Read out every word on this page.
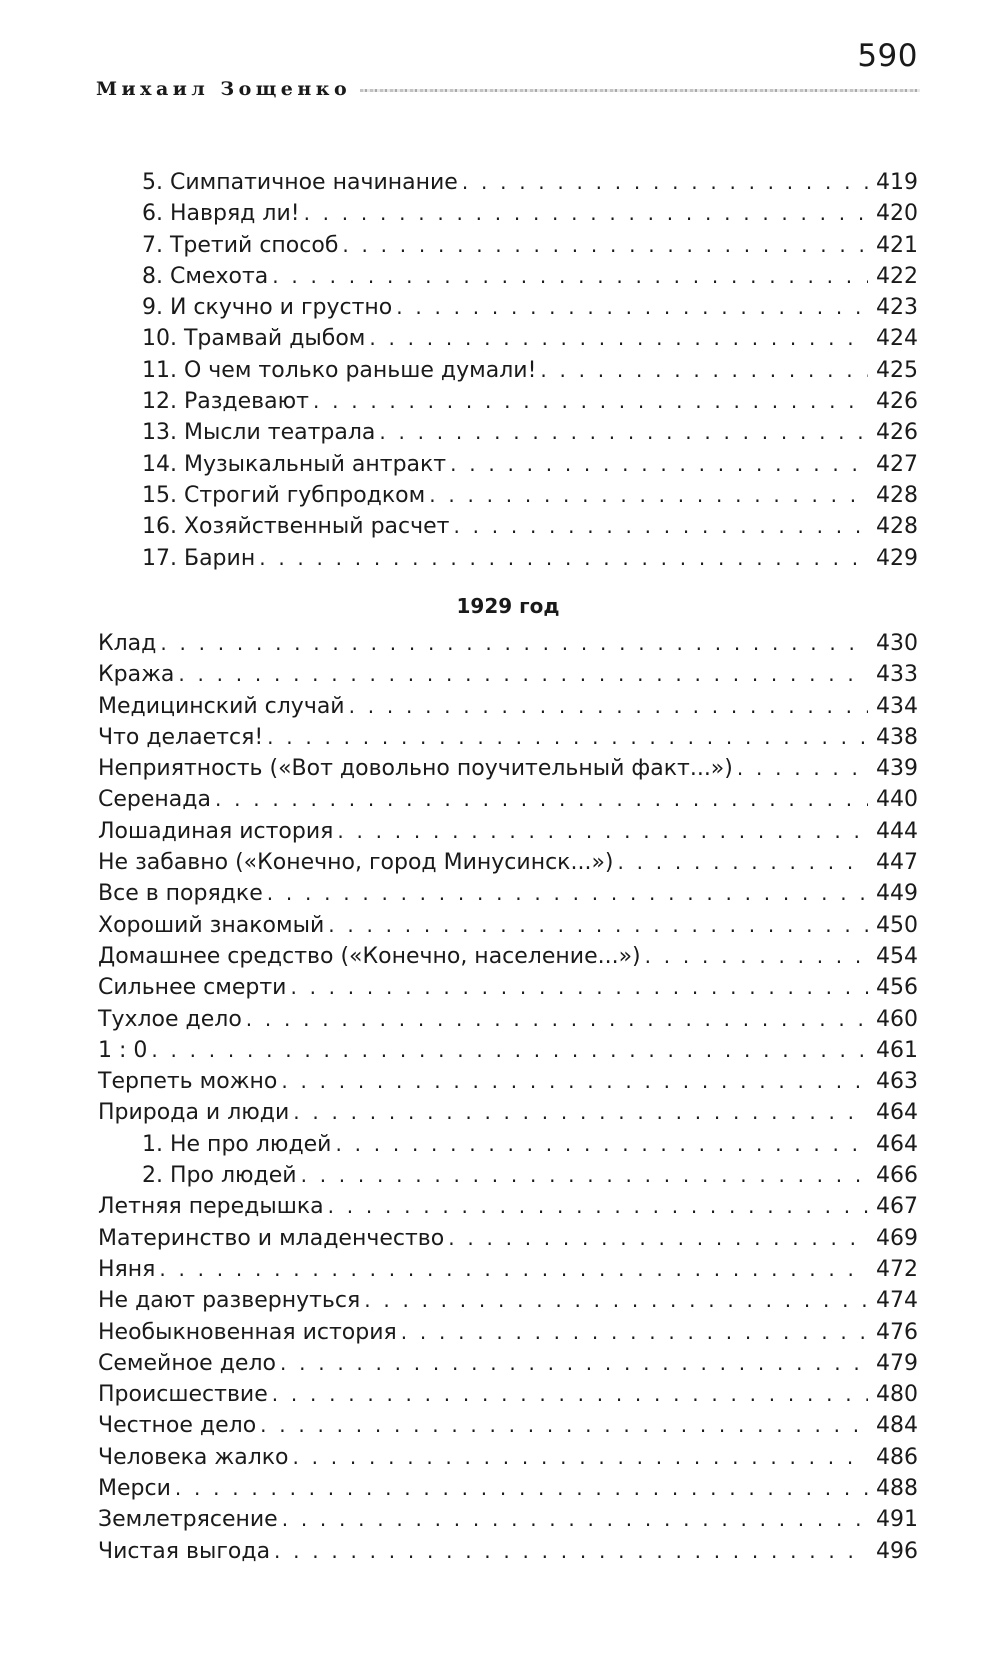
590
Михаил Зощенко
5. Симпатичное начинание . . .	419
6. Навряд ли! . . .	420
7. Третий способ . . .	421
8. Смехота . . .	422
9. И скучно и грустно . . .	423
10. Трамвай дыбом . . .	424
11. О чем только раньше думали! . . .	425
12. Раздевают . . .	426
13. Мысли театрала . . .	426
14. Музыкальный антракт . . .	427
15. Строгий губпродком . . .	428
16. Хозяйственный расчет . . .	428
17. Барин . . .	429
1929 год
Клад . . .	430
Кража . . .	433
Медицинский случай . . .	434
Что делается! . . .	438
Неприятность («Вот довольно поучительный факт...») . . .	439
Серенада . . .	440
Лошадиная история . . .	444
Не забавно («Конечно, город Минусинск...») . . .	447
Все в порядке . . .	449
Хороший знакомый . . .	450
Домашнее средство («Конечно, население...») . . .	454
Сильнее смерти . . .	456
Тухлое дело . . .	460
1 : 0 . . .	461
Терпеть можно . . .	463
Природа и люди . . .	464
1. Не про людей . . .	464
2. Про людей . . .	466
Летняя передышка . . .	467
Материнство и младенчество . . .	469
Няня . . .	472
Не дают развернуться . . .	474
Необыкновенная история . . .	476
Семейное дело . . .	479
Происшествие . . .	480
Честное дело . . .	484
Человека жалко . . .	486
Мерси . . .	488
Землетрясение . . .	491
Чистая выгода . . .	496
